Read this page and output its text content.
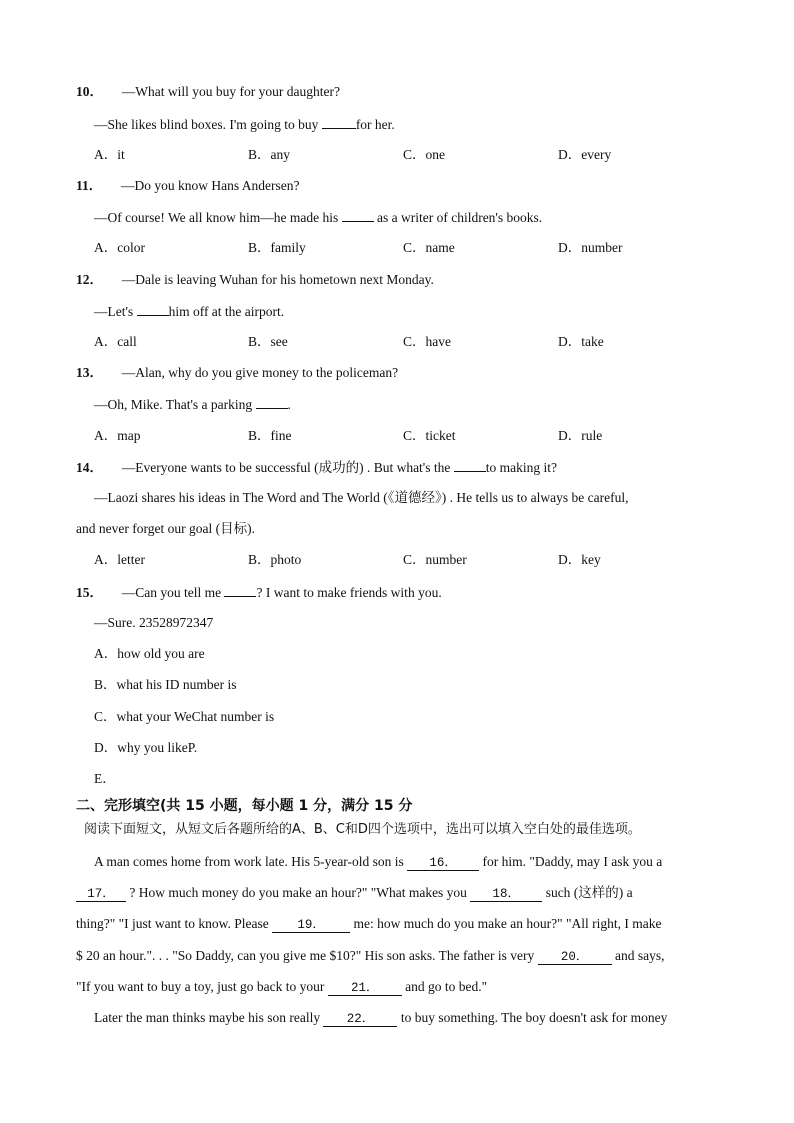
10． —What will you buy for your daughter?
—She likes blind boxes. I'm going to buy	for her.
A．it	B．any	C．one	D．every
11． —Do you know Hans Andersen?
—Of course! We all know him—he made his  as a writer of children's books.
A．color	B．family	C．name	D．number
12． —Dale is leaving Wuhan for his hometown next Monday.
—Let's him off at the airport.
A．call	B．see	C．have	D．take
13． —Alan, why do you give money to the policeman?
—Oh, Mike. That's a parking .
A．map	B．fine	C．ticket	D．rule
14． —Everyone wants to be successful (成功的) . But what's the to making it?
—Laozi shares his ideas in The Word and The World (《道德经》) . He tells us to always be careful,
and never forget our goal (目标).
A．letter	B．photo	C．number	D．key
15． —Can you tell me ? I want to make friends with you.
—Sure. 23528972347
A．how old you are
B．what his ID number is
C．what your WeChat number is
D．why you likeP.
E．
二、完形填空(共 15 小题，每小题 1 分，满分 15 分
阅读下面短文，从短文后各题所给的A、B、C和D四个选项中，选出可以填入空白处的最佳选项。
A man comes home from work late. His 5-year-old son is 16． for him. "Daddy, may I ask you a
17． ? How much money do you make an hour?" "What makes you 18． such (这样的) a
thing?" "I just want to know. Please 19． me: how much do you make an hour?" "All right, I make
$ 20 an hour.". . . "So Daddy, can you give me $10?" His son asks. The father is very 20． and says,
"If you want to buy a toy, just go back to your 21． and go to bed."
Later the man thinks maybe his son really 22． to buy something. The boy doesn't ask for money
